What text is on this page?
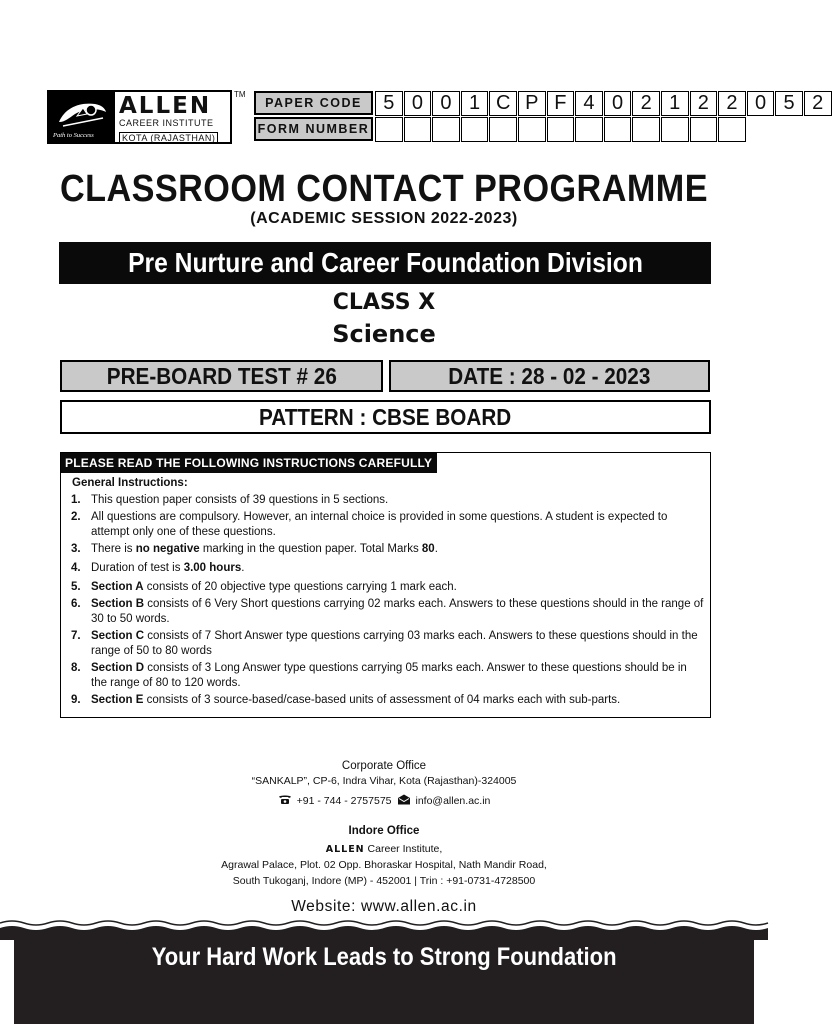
Path to Success
ALLEN
CAREER INSTITUTE
KOTA (RAJASTHAN)
TM
PAPER CODE	5 0 0 1 C P F 4 0 2 1 2 2 0 5 2
FORM NUMBER
CLASSROOM CONTACT PROGRAMME
(ACADEMIC SESSION 2022-2023)
Pre Nurture and Career Foundation Division
CLASS X
Science
PRE-BOARD TEST # 26	DATE : 28 - 02 - 2023
PATTERN : CBSE BOARD
PLEASE READ THE FOLLOWING INSTRUCTIONS CAREFULLY
General Instructions:
1. This question paper consists of 39 questions in 5 sections.
2. All questions are compulsory. However, an internal choice is provided in some questions. A student is expected to attempt only one of these questions.
3. There is no negative marking in the question paper. Total Marks 80.
4. Duration of test is 3.00 hours.
5. Section A consists of 20 objective type questions carrying 1 mark each.
6. Section B consists of 6 Very Short questions carrying 02 marks each. Answers to these questions should in the range of 30 to 50 words.
7. Section C consists of 7 Short Answer type questions carrying 03 marks each. Answers to these questions should in the range of 50 to 80 words
8. Section D consists of 3 Long Answer type questions carrying 05 marks each. Answer to these questions should be in the range of 80 to 120 words.
9. Section E consists of 3 source-based/case-based units of assessment of 04 marks each with sub-parts.
Corporate Office
“SANKALP”, CP-6, Indra Vihar, Kota (Rajasthan)-324005
+91 - 744 - 2757575 info@allen.ac.in
Indore Office
ALLEN Career Institute,
Agrawal Palace, Plot. 02 Opp. Bhoraskar Hospital, Nath Mandir Road,
South Tukoganj, Indore (MP) - 452001 | Trin : +91-0731-4728500
Website: www.allen.ac.in
Your Hard Work Leads to Strong Foundation
